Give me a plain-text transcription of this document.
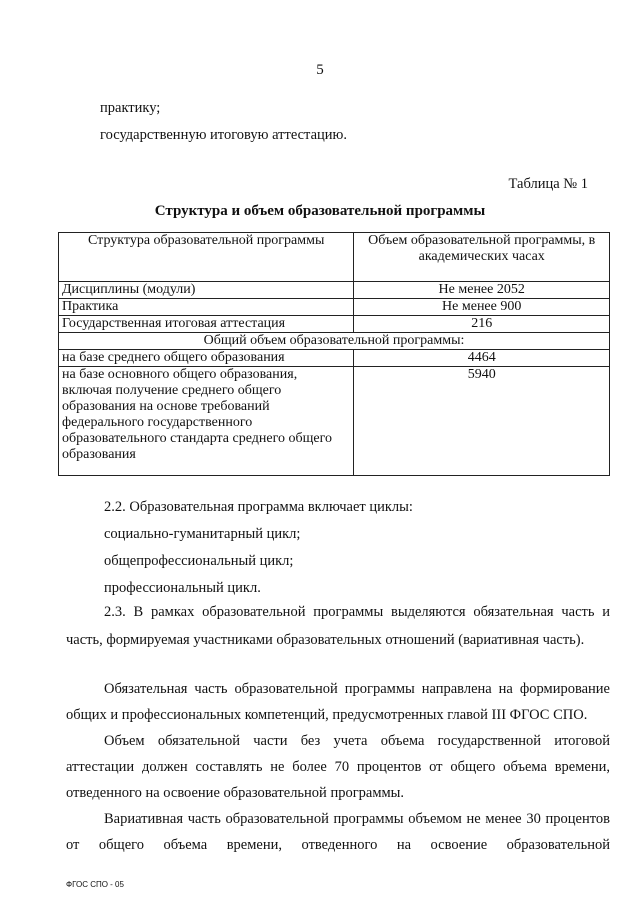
5
практику;
государственную итоговую аттестацию.
Таблица № 1
Структура и объем образовательной программы
Структура образовательной программы	Объем образовательной программы, в академических часах
Дисциплины (модули)	Не менее 2052
Практика	Не менее 900
Государственная итоговая аттестация	216
Общий объем образовательной программы:	
на базе среднего общего образования	4464
на базе основного общего образования, включая получение среднего общего образования на основе требований федерального государственного образовательного стандарта среднего общего образования	5940
2.2. Образовательная программа включает циклы:
социально-гуманитарный цикл;
общепрофессиональный цикл;
профессиональный цикл.
2.3. В рамках образовательной программы выделяются обязательная часть и часть, формируемая участниками образовательных отношений (вариативная часть).
Обязательная часть образовательной программы направлена на формирование общих и профессиональных компетенций, предусмотренных главой III ФГОС СПО.
Объем обязательной части без учета объема государственной итоговой аттестации должен составлять не более 70 процентов от общего объема времени, отведенного на освоение образовательной программы.
Вариативная часть образовательной программы объемом не менее 30 процентов от общего объема времени, отведенного на освоение образовательной
ФГОС СПО - 05
